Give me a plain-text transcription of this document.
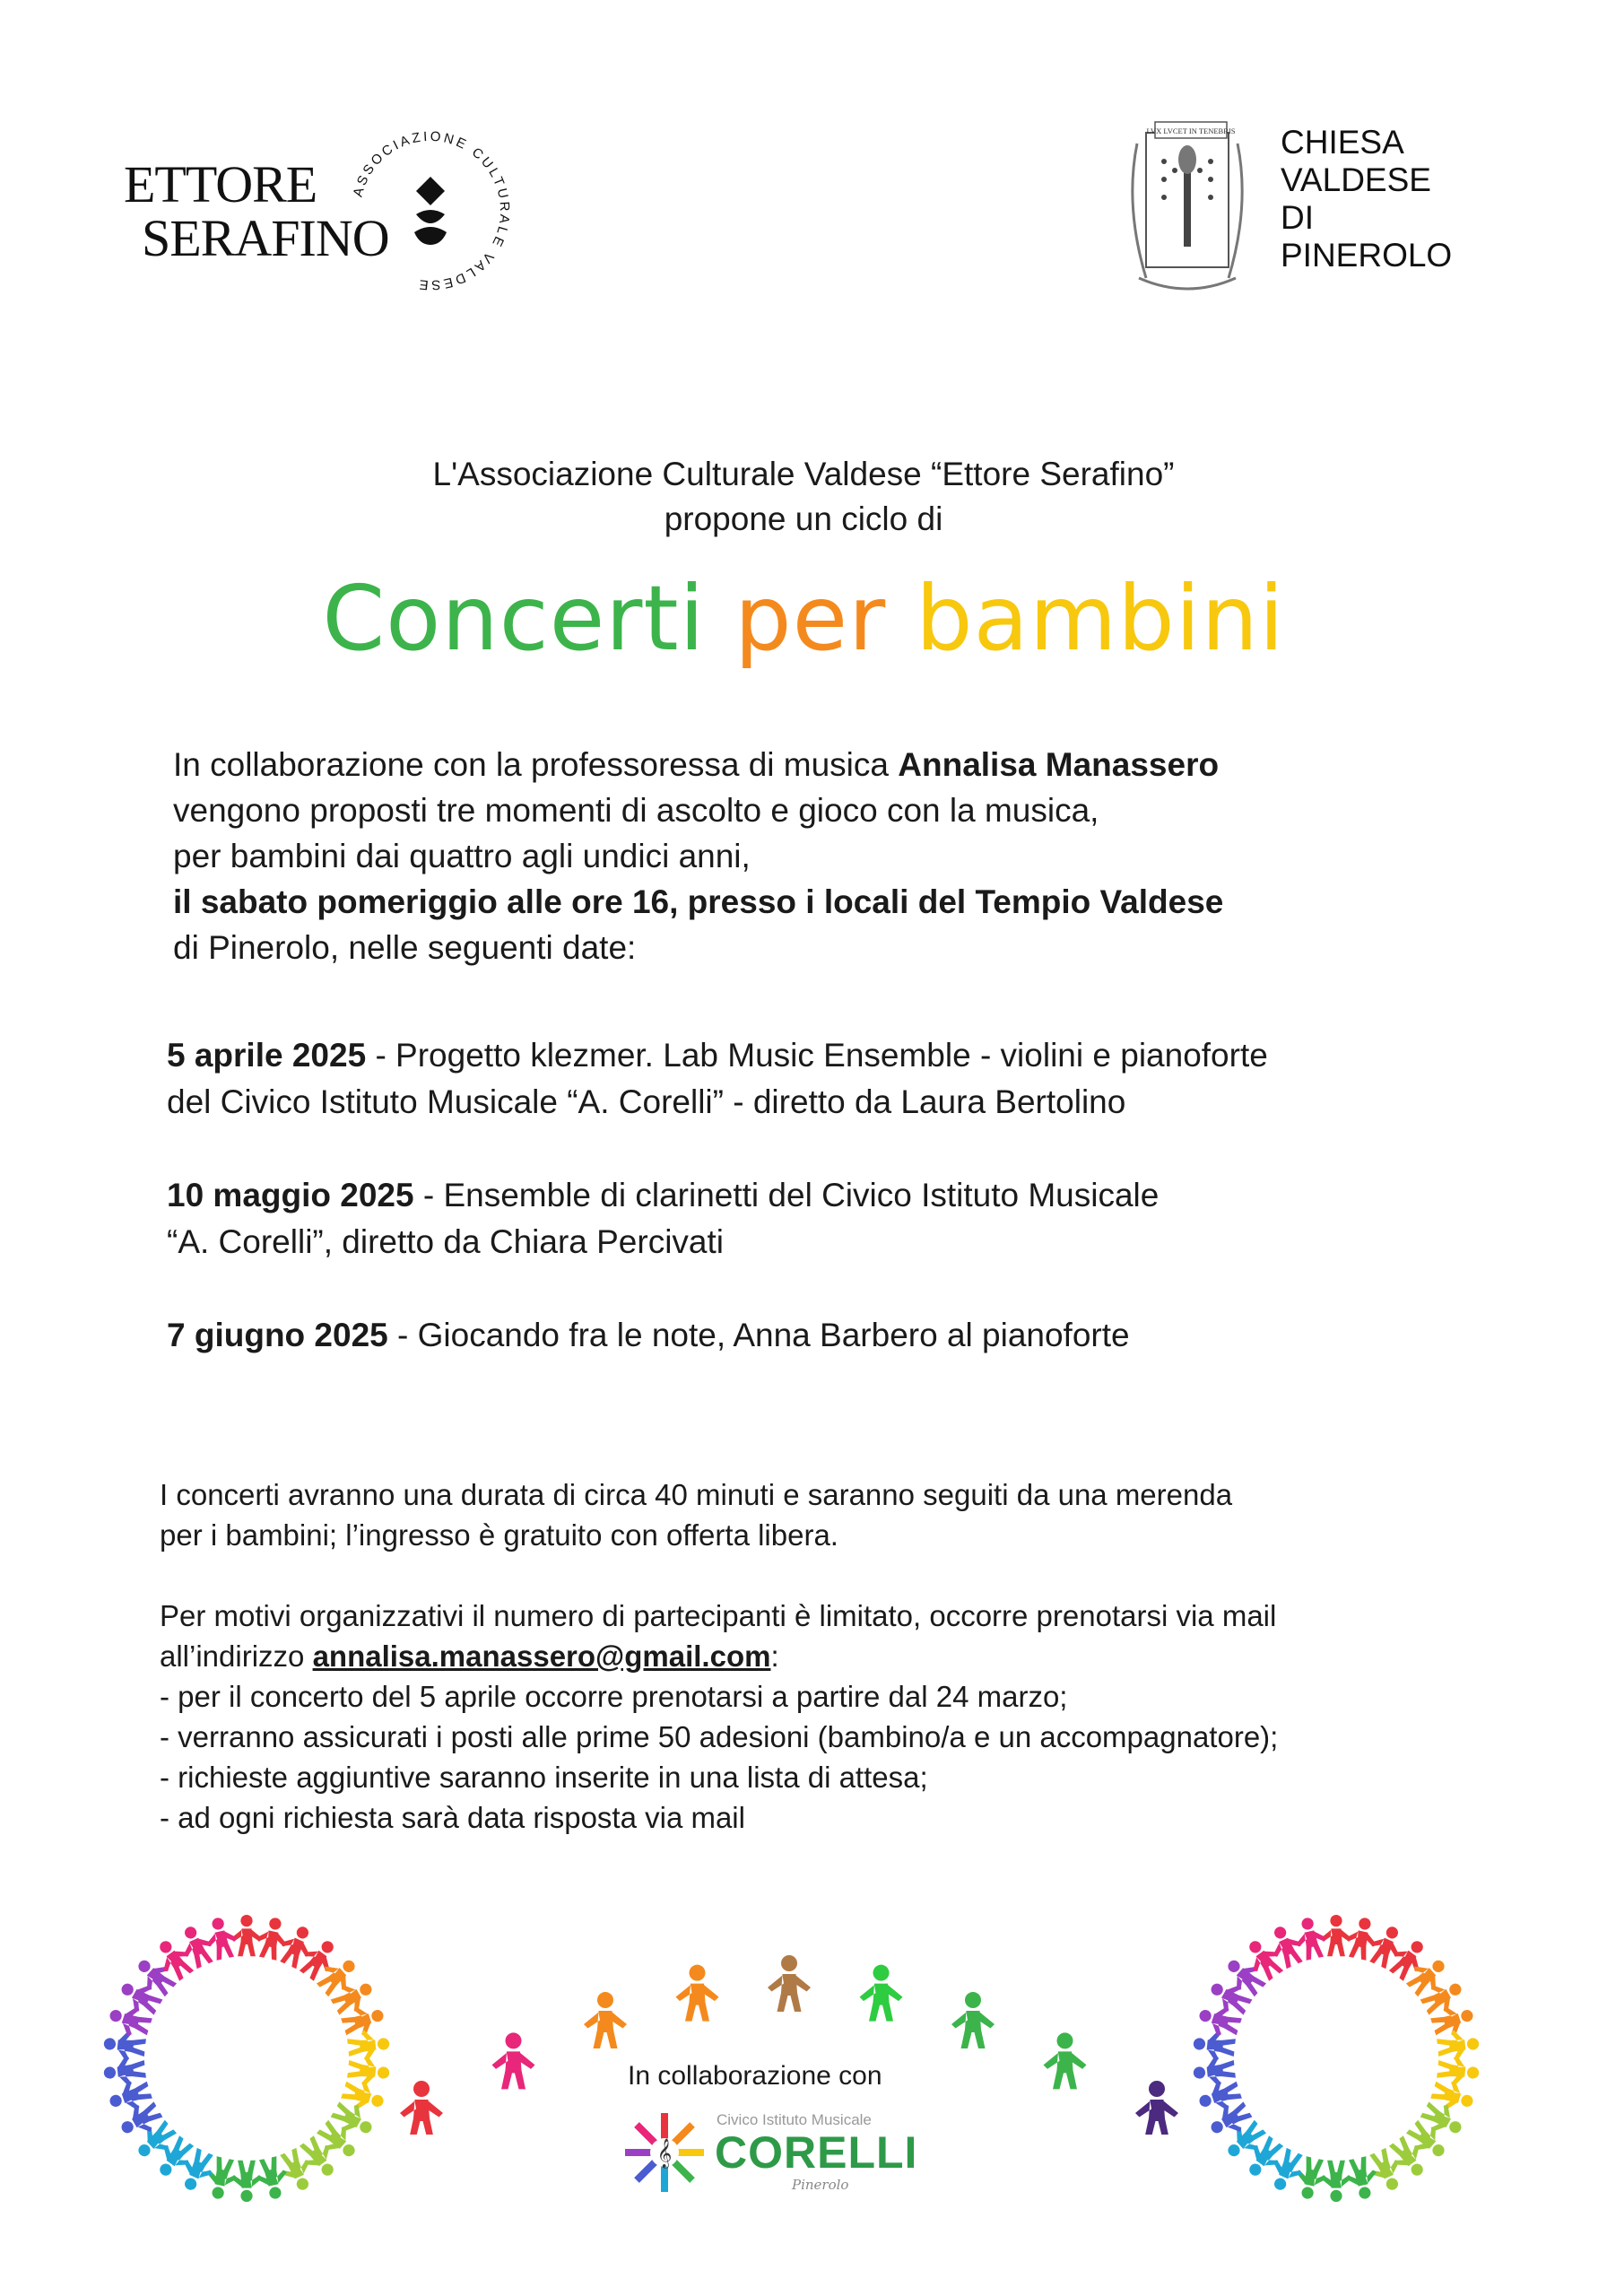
ETTORE
SERAFINO
ASSOCIAZIONE CULTURALE VALDESE
LVX LVCET IN TENEBRIS CHIESA
VALDESE
DI
PINEROLO
L'Associazione Culturale Valdese “Ettore Serafino”
propone un ciclo di
Concerti per bambini
In collaborazione con la professoressa di musica Annalisa Manassero
vengono proposti tre momenti di ascolto e gioco con la musica,
per bambini dai quattro agli undici anni,
il sabato pomeriggio alle ore 16, presso i locali del Tempio Valdese
di Pinerolo, nelle seguenti date:
5 aprile 2025 - Progetto klezmer. Lab Music Ensemble - violini e pianoforte
del Civico Istituto Musicale “A. Corelli” - diretto da Laura Bertolino
10 maggio 2025 - Ensemble di clarinetti del Civico Istituto Musicale
“A. Corelli”, diretto da Chiara Percivati
7 giugno 2025 - Giocando fra le note, Anna Barbero al pianoforte
I concerti avranno una durata di circa 40 minuti e saranno seguiti da una merenda
per i bambini; l’ingresso è gratuito con offerta libera.
Per motivi organizzativi il numero di partecipanti è limitato, occorre prenotarsi via mail
all’indirizzo annalisa.manassero@gmail.com:
- per il concerto del 5 aprile occorre prenotarsi a partire dal 24 marzo;
- verranno assicurati i posti alle prime 50 adesioni (bambino/a e un accompagnatore);
- richieste aggiuntive saranno inserite in una lista di attesa;
- ad ogni richiesta sarà data risposta via mail
In collaborazione con
𝄞
Civico Istituto Musicale
CORELLI
Pinerolo
